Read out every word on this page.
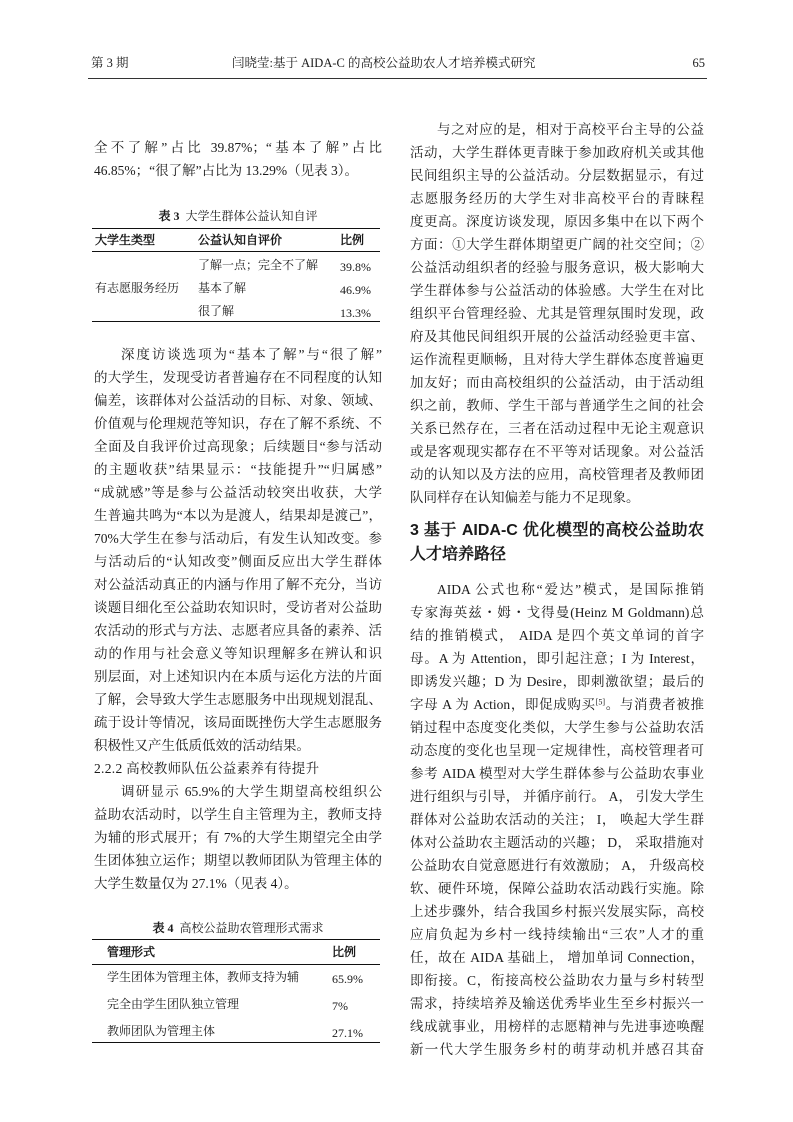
第 3 期	闫晓莹:基于 AIDA-C 的高校公益助农人才培养模式研究	65
全不了解”占比 39.87%；“基本了解”占比
46.85%；“很了解”占比为 13.29%（见表 3）。
表 3 大学生群体公益认知自评
大学生类型	公益认知自评价	比例
有志愿服务经历
了解一点；完全不了解 39.8%
基本了解	46.9%
很了解	13.3%
深度访谈选项为“基本了解”与“很了解”
的大学生，发现受访者普遍存在不同程度的认知
偏差，该群体对公益活动的目标、对象、领域、
价值观与伦理规范等知识，存在了解不系统、不
全面及自我评价过高现象；后续题目“参与活动
的主题收获”结果显示：“技能提升”“归属感”
“成就感”等是参与公益活动较突出收获，大学
生普遍共鸣为“本以为是渡人，结果却是渡己”，
70%大学生在参与活动后，有发生认知改变。参
与活动后的“认知改变”侧面反应出大学生群体
对公益活动真正的内涵与作用了解不充分，当访
谈题目细化至公益助农知识时，受访者对公益助
农活动的形式与方法、志愿者应具备的素养、活
动的作用与社会意义等知识理解多在辨认和识
别层面，对上述知识内在本质与运化方法的片面
了解，会导致大学生志愿服务中出现规划混乱、
疏于设计等情况，该局面既挫伤大学生志愿服务
积极性又产生低质低效的活动结果。
2.2.2 高校教师队伍公益素养有待提升
调研显示 65.9%的大学生期望高校组织公
益助农活动时，以学生自主管理为主，教师支持
为辅的形式展开；有 7%的大学生期望完全由学
生团体独立运作；期望以教师团队为管理主体的
大学生数量仅为 27.1%（见表 4）。
表 4 高校公益助农管理形式需求
管理形式	比例
学生团体为管理主体，教师支持为辅	65.9%
完全由学生团队独立管理	7%
教师团队为管理主体	27.1%
与之对应的是，相对于高校平台主导的公益
活动，大学生群体更青睐于参加政府机关或其他
民间组织主导的公益活动。分层数据显示，有过
志愿服务经历的大学生对非高校平台的青睐程
度更高。深度访谈发现，原因多集中在以下两个
方面：①大学生群体期望更广阔的社交空间；②
公益活动组织者的经验与服务意识，极大影响大
学生群体参与公益活动的体验感。大学生在对比
组织平台管理经验、尤其是管理氛围时发现，政
府及其他民间组织开展的公益活动经验更丰富、
运作流程更顺畅，且对待大学生群体态度普遍更
加友好；而由高校组织的公益活动，由于活动组
织之前，教师、学生干部与普通学生之间的社会
关系已然存在，三者在活动过程中无论主观意识
或是客观现实都存在不平等对话现象。对公益活
动的认知以及方法的应用，高校管理者及教师团
队同样存在认知偏差与能力不足现象。
3 基于 AIDA-C 优化模型的高校公益助农
人才培养路径
AIDA 公式也称“爱达”模式，是国际推销
专家海英兹・姆・戈得曼(Heinz M Goldmann)总
结的推销模式， AIDA 是四个英文单词的首字
母。A 为 Attention，即引起注意；I 为 Interest，
即诱发兴趣；D 为 Desire，即刺激欲望；最后的
字母 A 为 Action，即促成购买[5]。与消费者被推
销过程中态度变化类似，大学生参与公益助农活
动态度的变化也呈现一定规律性，高校管理者可
参考 AIDA 模型对大学生群体参与公益助农事业
进行组织与引导， 并循序前行。 A， 引发大学生
群体对公益助农活动的关注； I， 唤起大学生群
体对公益助农主题活动的兴趣； D， 采取措施对
公益助农自觉意愿进行有效激励； A， 升级高校
软、硬件环境，保障公益助农活动践行实施。除
上述步骤外，结合我国乡村振兴发展实际，高校
应肩负起为乡村一线持续输出“三农”人才的重
任，故在 AIDA 基础上， 增加单词 Connection，
即衔接。C，衔接高校公益助农力量与乡村转型
需求，持续培养及输送优秀毕业生至乡村振兴一
线成就事业，用榜样的志愿精神与先进事迹唤醒
新一代大学生服务乡村的萌芽动机并感召其奋
